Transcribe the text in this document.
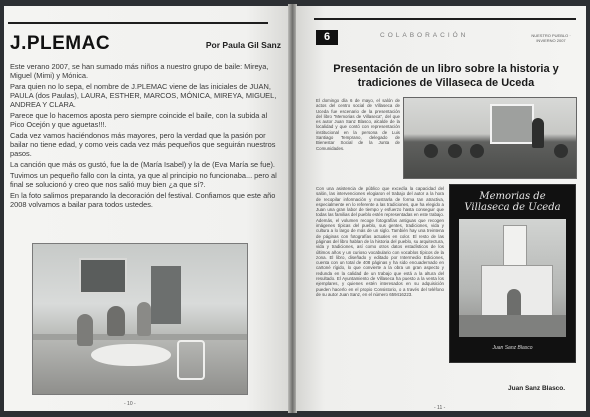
J.PLEMAC	Por Paula Gil Sanz

Este verano 2007, se han sumado más niños a nuestro grupo de baile: Mireya, Miguel (Mimi) y Mónica.

Para quien no lo sepa, el nombre de J.PLEMAC viene de las iniciales de JUAN, PAULA (dos Paulas), LAURA, ESTHER, MARCOS, MÓNICA, MIREYA, MIGUEL, ANDREA Y CLARA.

Parece que lo hacemos aposta pero siempre coincide el baile, con la subida al Pico Ocejón y que aguetas!!!.

Cada vez vamos haciéndonos más mayores, pero la verdad que la pasión por bailar no tiene edad, y como veis cada vez más pequeños que seguirán nuestros pasos.

La canción que más os gustó, fue la de (María Isabel) y la de (Eva María se fue).

Tuvimos un pequeño fallo con la cinta, ya que al principio no funcionaba... pero al final se solucionó y creo que nos salió muy bien ¿a que sí?.

En la foto salimos preparando la decoración del festival. Confiamos que este año 2008 volvamos a bailar para todos ustedes.

- 10 -
6	COLABORACIÓN	NUESTRO PUEBLO · INVIERNO 2007
Presentación de un libro sobre la historia y tradiciones de Villaseca de Uceda
El domingo día 6 de mayo, el salón de actos del centro social de Villaseca de Uceda fue escenario de la presentación del libro "Memorias de Villaseca", del que es autor Juan Sanz Blasco, alcalde de la localidad y que contó con representación institucional en la persona de Luis Santiago Temprano, delegado de Bienestar Social de la Junta de Comunidades.
Con una asistencia de público que excedía la capacidad del salón, las intervenciones elogiaron el trabajo del autor a la hora de recopilar información y mostrarla de forma tan atractiva, especialmente en lo referente a las tradiciones, que ha elegido a Juan una gran labor de tiempo y esfuerzo hasta conseguir que todas las familias del pueblo estén representadas en este trabajo. Además, el volumen recoge fotografías antiguas que recogen imágenes típicas del pueblo, sus gentes, tradiciones, vida y cultura a lo largo de más de un siglo. También hay una treintena de páginas con fotografías actuales en color. El resto de las páginas del libro hablan de la historia del pueblo, su arquitectura, vida y tradiciones, así como otros datos estadísticos de los últimos años y un curioso vocabulario con vocablos típicos de la zona. El libro, diseñado y editado por Intermedio Ediciones, cuenta con un total de 408 páginas y ha sido encuadernado en cartoné rígido, lo que convierte a la obra un gran aspecto y redunda en la calidad de un trabajo que está a la altura del resultado. El Ayuntamiento de Villaseca ha puesto a la venta los ejemplares, y quienes estén interesados en su adquisición pueden hacerlo en el propio Consistorio, o a través del teléfono de su autor Juan Sanz, en el número 659416223.
Memorias de Villaseca de Uceda
Juan Sanz Blasco
Juan Sanz Blasco.
- 11 -
